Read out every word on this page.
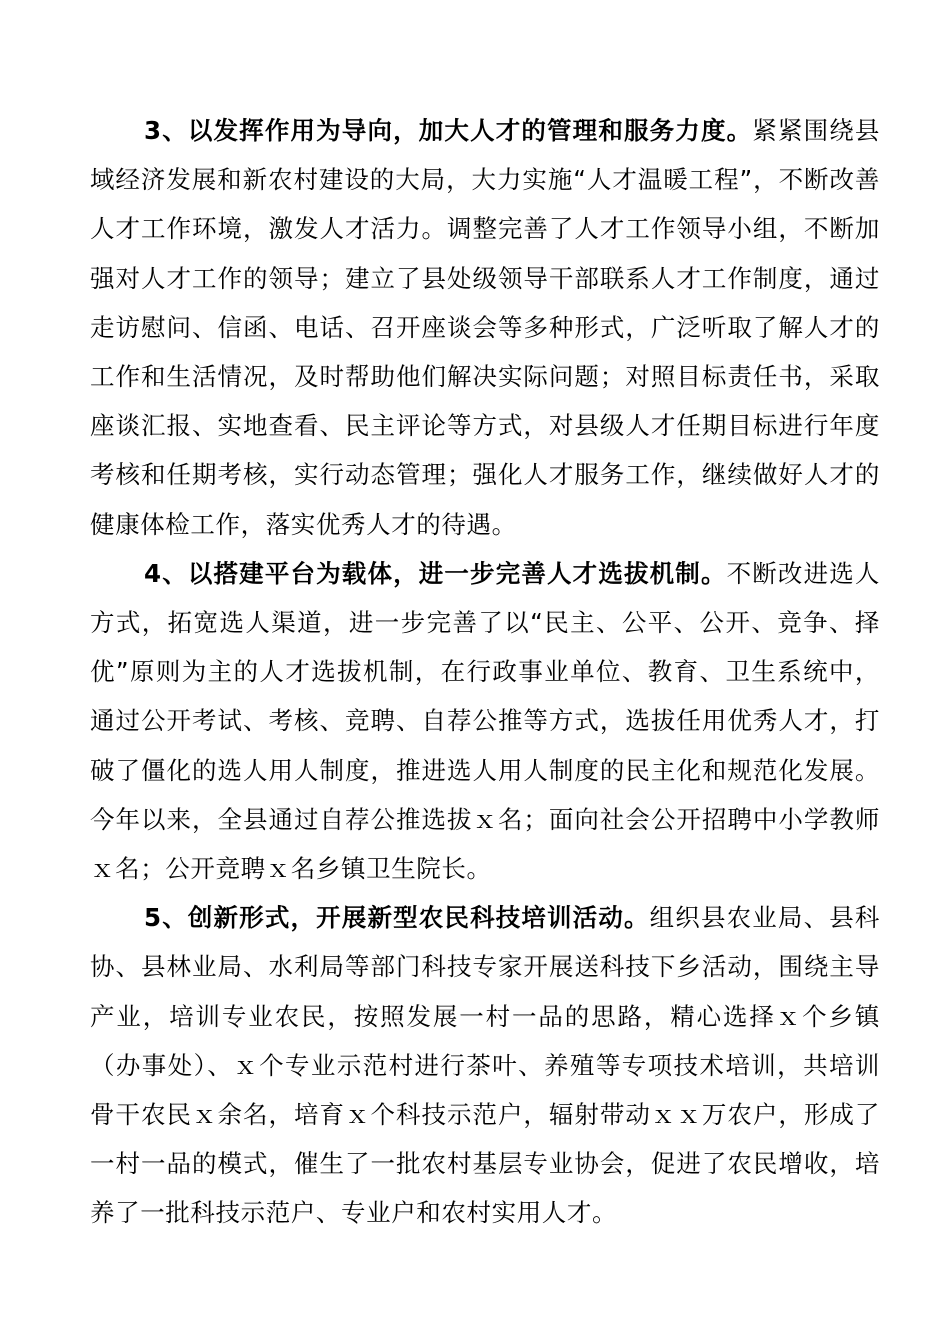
3、以发挥作用为导向，加大人才的管理和服务力度。紧紧围绕县域经济发展和新农村建设的大局，大力实施“人才温暖工程”，不断改善人才工作环境，激发人才活力。调整完善了人才工作领导小组，不断加强对人才工作的领导；建立了县处级领导干部联系人才工作制度，通过走访慰问、信函、电话、召开座谈会等多种形式，广泛听取了解人才的工作和生活情况，及时帮助他们解决实际问题；对照目标责任书，采取座谈汇报、实地查看、民主评论等方式，对县级人才任期目标进行年度考核和任期考核，实行动态管理；强化人才服务工作，继续做好人才的健康体检工作，落实优秀人才的待遇。

4、以搭建平台为载体，进一步完善人才选拔机制。不断改进选人方式，拓宽选人渠道，进一步完善了以“民主、公平、公开、竞争、择优”原则为主的人才选拔机制，在行政事业单位、教育、卫生系统中，通过公开考试、考核、竞聘、自荐公推等方式，选拔任用优秀人才，打破了僵化的选人用人制度，推进选人用人制度的民主化和规范化发展。今年以来，全县通过自荐公推选拔ｘ名；面向社会公开招聘中小学教师ｘ名；公开竞聘ｘ名乡镇卫生院长。

5、创新形式，开展新型农民科技培训活动。组织县农业局、县科协、县林业局、水利局等部门科技专家开展送科技下乡活动，围绕主导产业，培训专业农民，按照发展一村一品的思路，精心选择ｘ个乡镇（办事处）、ｘ个专业示范村进行茶叶、养殖等专项技术培训，共培训骨干农民ｘ余名，培育ｘ个科技示范户，辐射带动ｘｘ万农户，形成了一村一品的模式，催生了一批农村基层专业协会，促进了农民增收，培养了一批科技示范户、专业户和农村实用人才。
